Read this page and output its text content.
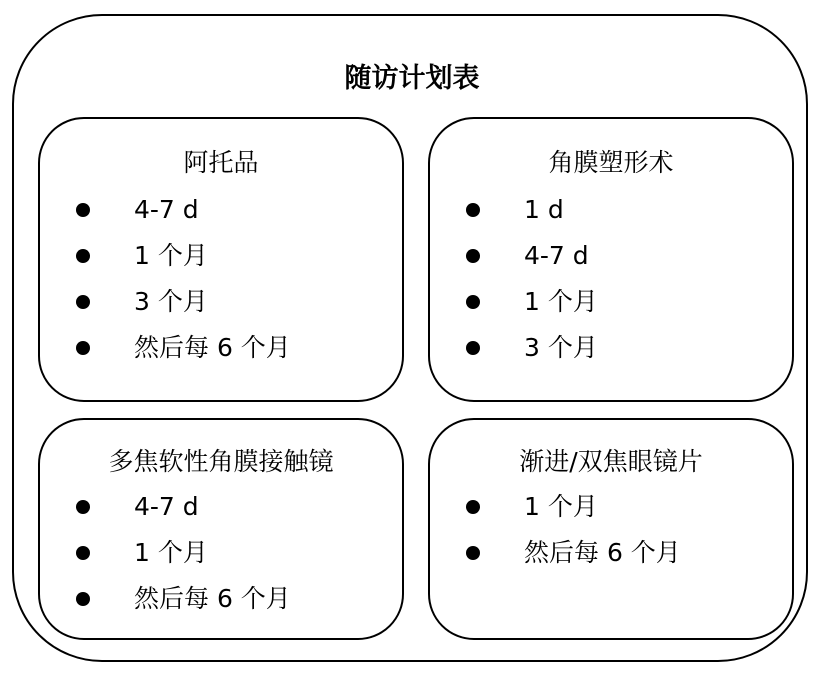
随访计划表
阿托品
4-7 d
1 个月
3 个月
然后每 6 个月
角膜塑形术
1 d
4-7 d
1 个月
3 个月
多焦软性角膜接触镜
4-7 d
1 个月
然后每 6 个月
渐进/双焦眼镜片
1 个月
然后每 6 个月
